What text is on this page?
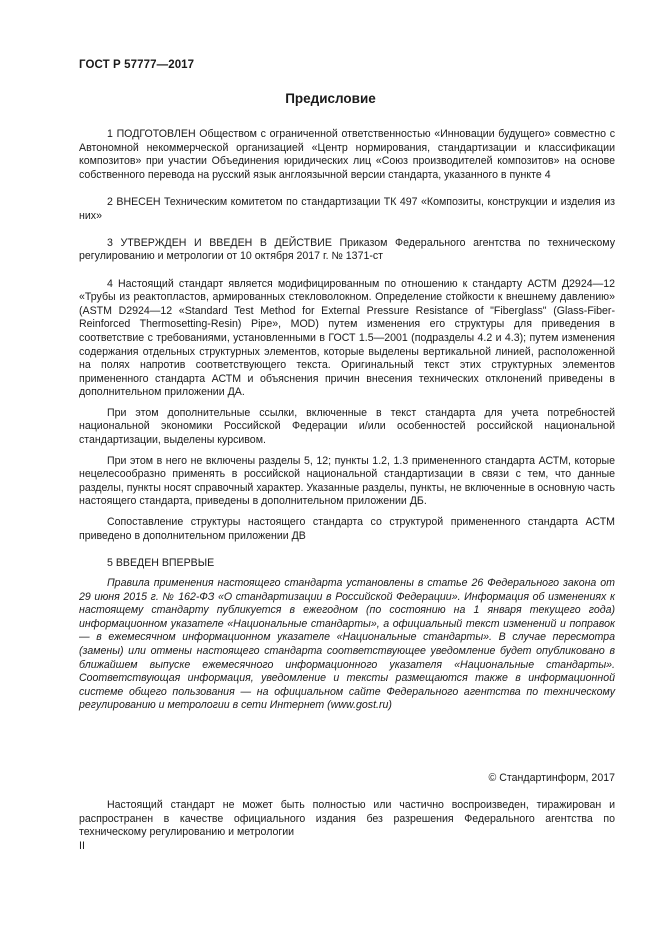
ГОСТ Р 57777—2017
Предисловие

1 ПОДГОТОВЛЕН Обществом с ограниченной ответственностью «Инновации будущего» совместно с Автономной некоммерческой организацией «Центр нормирования, стандартизации и классификации композитов» при участии Объединения юридических лиц «Союз производителей композитов» на основе собственного перевода на русский язык англоязычной версии стандарта, указанного в пункте 4

2 ВНЕСЕН Техническим комитетом по стандартизации ТК 497 «Композиты, конструкции и изделия из них»

3 УТВЕРЖДЕН И ВВЕДЕН В ДЕЙСТВИЕ Приказом Федерального агентства по техническому регулированию и метрологии от 10 октября 2017 г. № 1371-ст

4 Настоящий стандарт является модифицированным по отношению к стандарту АСТМ Д2924—12 «Трубы из реактопластов, армированных стекловолокном. Определение стойкости к внешнему давлению» (ASTM D2924—12 «Standard Test Method for External Pressure Resistance of "Fiberglass" (Glass-Fiber-Reinforced Thermosetting-Resin) Pipe», MOD) путем изменения его структуры для приведения в соответствие с требованиями, установленными в ГОСТ 1.5—2001 (подразделы 4.2 и 4.3); путем изменения содержания отдельных структурных элементов, которые выделены вертикальной линией, расположенной на полях напротив соответствующего текста. Оригинальный текст этих структурных элементов примененного стандарта АСТМ и объяснения причин внесения технических отклонений приведены в дополнительном приложении ДА.

При этом дополнительные ссылки, включенные в текст стандарта для учета потребностей национальной экономики Российской Федерации и/или особенностей российской национальной стандартизации, выделены курсивом.

При этом в него не включены разделы 5, 12; пункты 1.2, 1.3 примененного стандарта АСТМ, которые нецелесообразно применять в российской национальной стандартизации в связи с тем, что данные разделы, пункты носят справочный характер. Указанные разделы, пункты, не включенные в основную часть настоящего стандарта, приведены в дополнительном приложении ДБ.

Сопоставление структуры настоящего стандарта со структурой примененного стандарта АСТМ приведено в дополнительном приложении ДВ

5 ВВЕДЕН ВПЕРВЫЕ

Правила применения настоящего стандарта установлены в статье 26 Федерального закона от 29 июня 2015 г. № 162-ФЗ «О стандартизации в Российской Федерации». Информация об изменениях к настоящему стандарту публикуется в ежегодном (по состоянию на 1 января текущего года) информационном указателе «Национальные стандарты», а официальный текст изменений и поправок — в ежемесячном информационном указателе «Национальные стандарты». В случае пересмотра (замены) или отмены настоящего стандарта соответствующее уведомление будет опубликовано в ближайшем выпуске ежемесячного информационного указателя «Национальные стандарты». Соответствующая информация, уведомление и тексты размещаются также в информационной системе общего пользования — на официальном сайте Федерального агентства по техническому регулированию и метрологии в сети Интернет (www.gost.ru)

© Стандартинформ, 2017

Настоящий стандарт не может быть полностью или частично воспроизведен, тиражирован и распространен в качестве официального издания без разрешения Федерального агентства по техническому регулированию и метрологии

II
